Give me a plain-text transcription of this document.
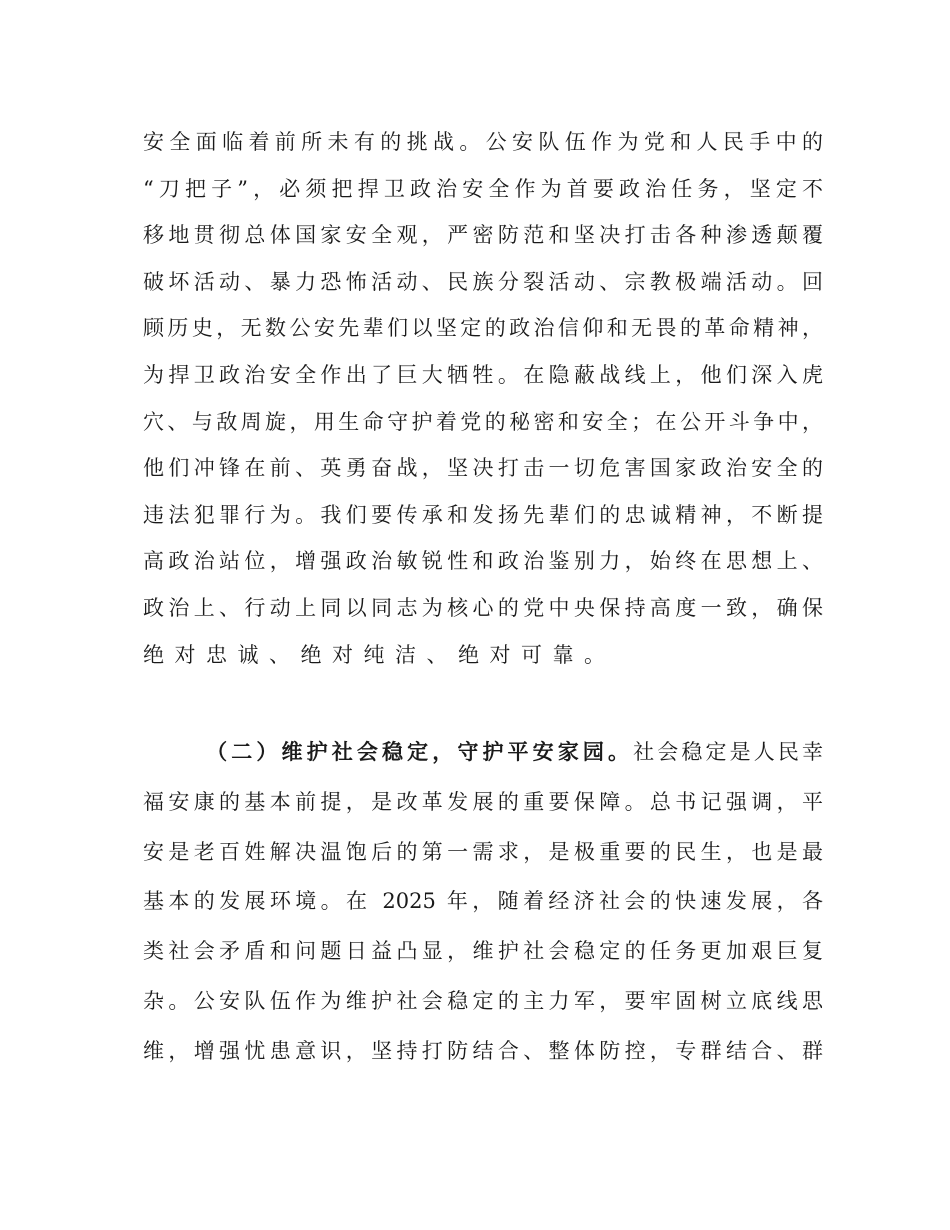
安全面临着前所未有的挑战。公安队伍作为党和人民手中的
“刀把子”，必须把捍卫政治安全作为首要政治任务，坚定不
移地贯彻总体国家安全观，严密防范和坚决打击各种渗透颠覆
破坏活动、暴力恐怖活动、民族分裂活动、宗教极端活动。回
顾历史，无数公安先辈们以坚定的政治信仰和无畏的革命精神，
为捍卫政治安全作出了巨大牺牲。在隐蔽战线上，他们深入虎
穴、与敌周旋，用生命守护着党的秘密和安全；在公开斗争中，
他们冲锋在前、英勇奋战，坚决打击一切危害国家政治安全的
违法犯罪行为。我们要传承和发扬先辈们的忠诚精神，不断提
高政治站位，增强政治敏锐性和政治鉴别力，始终在思想上、
政治上、行动上同以同志为核心的党中央保持高度一致，确保
绝对忠诚、绝对纯洁、绝对可靠。
（二）维护社会稳定，守护平安家园。社会稳定是人民幸
福安康的基本前提，是改革发展的重要保障。总书记强调，平
安是老百姓解决温饱后的第一需求，是极重要的民生，也是最
基本的发展环境。在 2025 年，随着经济社会的快速发展，各
类社会矛盾和问题日益凸显，维护社会稳定的任务更加艰巨复
杂。公安队伍作为维护社会稳定的主力军，要牢固树立底线思
维，增强忧患意识，坚持打防结合、整体防控，专群结合、群
